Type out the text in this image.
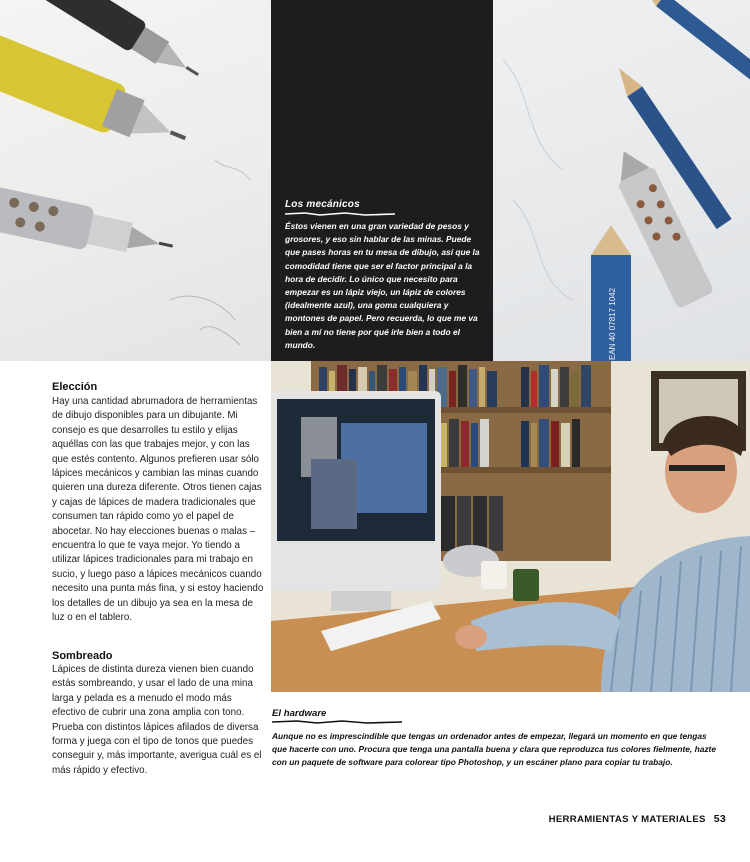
Los mecánicos
Éstos vienen en una gran variedad de pesos y grosores, y eso sin hablar de las minas. Puede que pases horas en tu mesa de dibujo, así que la comodidad tiene que ser el factor principal a la hora de decidir. Lo único que necesito para empezar es un lápiz viejo, un lápiz de colores (idealmente azul), una goma cualquiera y montones de papel. Pero recuerda, lo que me va bien a mí no tiene por qué irle bien a todo el mundo.	EAN 40 07817 1042
Elección
Hay una cantidad abrumadora de herramientas de dibujo disponibles para un dibujante. Mi consejo es que desarrolles tu estilo y elijas aquéllas con las que trabajes mejor, y con las que estés contento. Algunos prefieren usar sólo lápices mecánicos y cambian las minas cuando quieren una dureza diferente. Otros tienen cajas y cajas de lápices de madera tradicionales que consumen tan rápido como yo el papel de abocetar. No hay elecciones buenas o malas –encuentra lo que te vaya mejor. Yo tiendo a utilizar lápices tradicionales para mi trabajo en sucio, y luego paso a lápices mecánicos cuando necesito una punta más fina, y si estoy haciendo los detalles de un dibujo ya sea en la mesa de luz o en el tablero.
Sombreado
Lápices de distinta dureza vienen bien cuando estás sombreando, y usar el lado de una mina larga y pelada es a menudo el modo más efectivo de cubrir una zona amplia con tono. Prueba con distintos lápices afilados de diversa forma y juega con el tipo de tonos que puedes conseguir y, más importante, averigua cuál es el más rápido y efectivo.
El hardware
Aunque no es imprescindible que tengas un ordenador antes de empezar, llegará un momento en que tengas que hacerte con uno. Procura que tenga una pantalla buena y clara que reproduzca tus colores fielmente, hazte con un paquete de software para colorear tipo Photoshop, y un escáner plano para copiar tu trabajo.
HERRAMIENTAS Y MATERIALES 53
